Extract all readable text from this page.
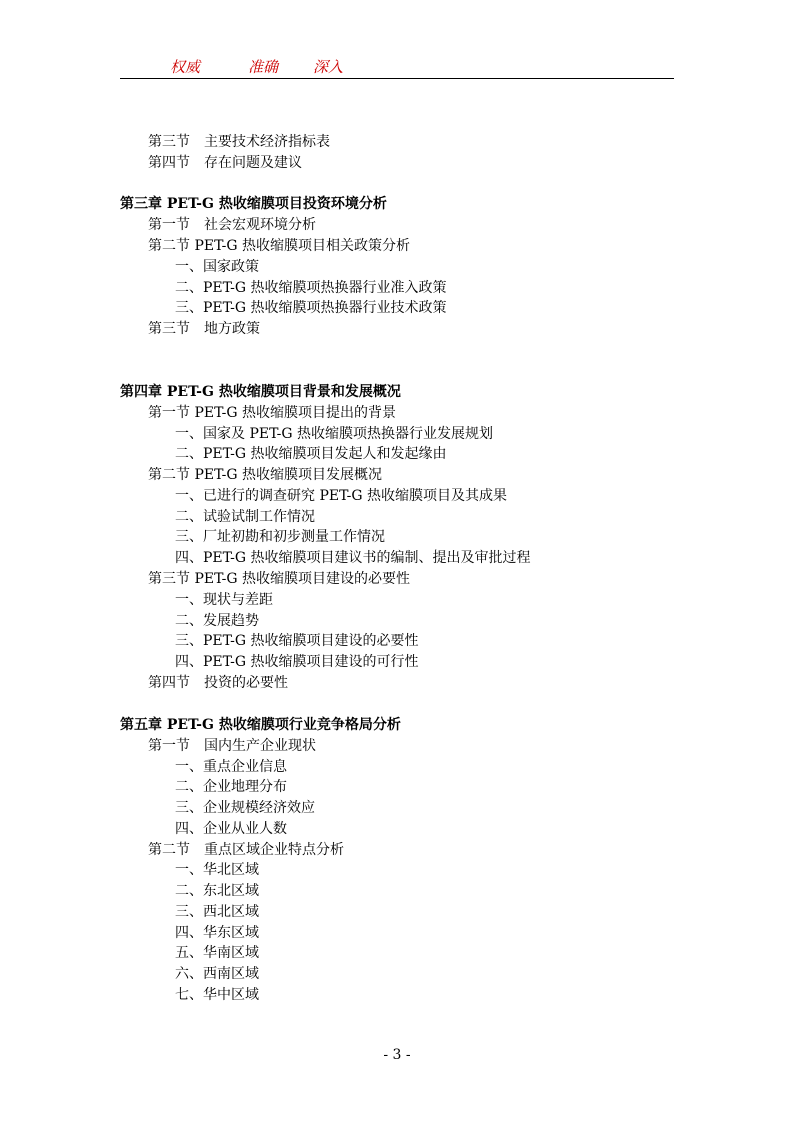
权威	准确 深入
第三节　主要技术经济指标表
第四节　存在问题及建议
第三章 PET-G 热收缩膜项目投资环境分析
第一节　社会宏观环境分析
第二节 PET-G 热收缩膜项目相关政策分析
一、国家政策
二、PET-G 热收缩膜项热换器行业准入政策
三、PET-G 热收缩膜项热换器行业技术政策
第三节　地方政策
第四章 PET-G 热收缩膜项目背景和发展概况
第一节 PET-G 热收缩膜项目提出的背景
一、国家及 PET-G 热收缩膜项热换器行业发展规划
二、PET-G 热收缩膜项目发起人和发起缘由
第二节 PET-G 热收缩膜项目发展概况
一、已进行的调查研究 PET-G 热收缩膜项目及其成果
二、试验试制工作情况
三、厂址初勘和初步测量工作情况
四、PET-G 热收缩膜项目建议书的编制、提出及审批过程
第三节 PET-G 热收缩膜项目建设的必要性
一、现状与差距
二、发展趋势
三、PET-G 热收缩膜项目建设的必要性
四、PET-G 热收缩膜项目建设的可行性
第四节　投资的必要性
第五章 PET-G 热收缩膜项行业竞争格局分析
第一节　国内生产企业现状
一、重点企业信息
二、企业地理分布
三、企业规模经济效应
四、企业从业人数
第二节　重点区域企业特点分析
一、华北区域
二、东北区域
三、西北区域
四、华东区域
五、华南区域
六、西南区域
七、华中区域
- 3 -
